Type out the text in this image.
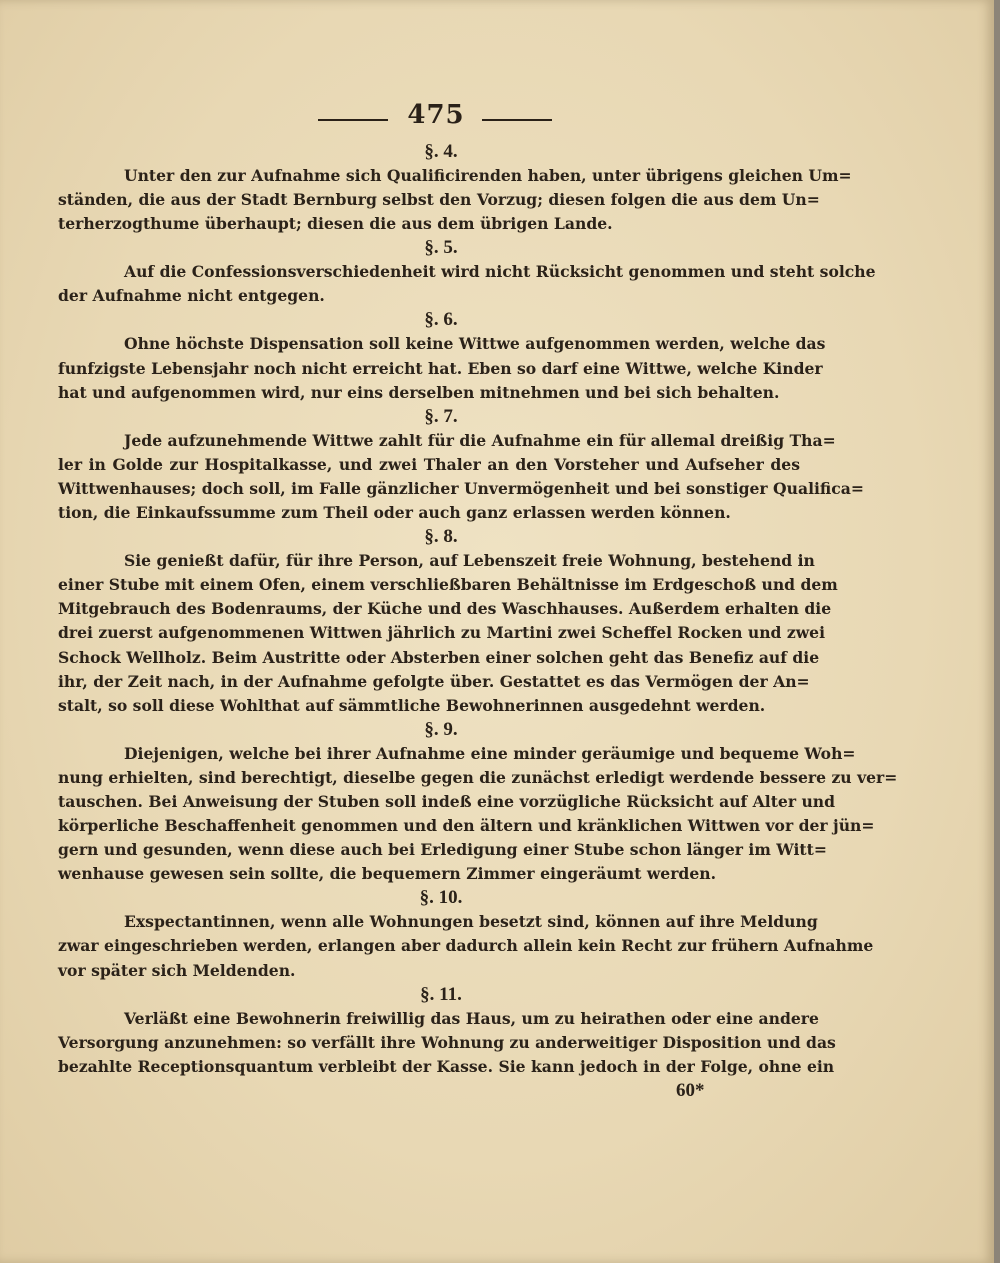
475
§. 4.
Unter den zur Aufnahme sich Qualificirenden haben, unter übrigens gleichen Um=
ständen, die aus der Stadt Bernburg selbst den Vorzug; diesen folgen die aus dem Un=
terherzogthume überhaupt; diesen die aus dem übrigen Lande.
§. 5.
Auf die Confessionsverschiedenheit wird nicht Rücksicht genommen und steht solche
der Aufnahme nicht entgegen.
§. 6.
Ohne höchste Dispensation soll keine Wittwe aufgenommen werden, welche das
funfzigste Lebensjahr noch nicht erreicht hat. Eben so darf eine Wittwe, welche Kinder
hat und aufgenommen wird, nur eins derselben mitnehmen und bei sich behalten.
§. 7.
Jede aufzunehmende Wittwe zahlt für die Aufnahme ein für allemal dreißig Tha=
ler in Golde zur Hospitalkasse, und zwei Thaler an den Vorsteher und Aufseher des
Wittwenhauses; doch soll, im Falle gänzlicher Unvermögenheit und bei sonstiger Qualifica=
tion, die Einkaufssumme zum Theil oder auch ganz erlassen werden können.
§. 8.
Sie genießt dafür, für ihre Person, auf Lebenszeit freie Wohnung, bestehend in
einer Stube mit einem Ofen, einem verschließbaren Behältnisse im Erdgeschoß und dem
Mitgebrauch des Bodenraums, der Küche und des Waschhauses. Außerdem erhalten die
drei zuerst aufgenommenen Wittwen jährlich zu Martini zwei Scheffel Rocken und zwei
Schock Wellholz. Beim Austritte oder Absterben einer solchen geht das Benefiz auf die
ihr, der Zeit nach, in der Aufnahme gefolgte über. Gestattet es das Vermögen der An=
stalt, so soll diese Wohlthat auf sämmtliche Bewohnerinnen ausgedehnt werden.
§. 9.
Diejenigen, welche bei ihrer Aufnahme eine minder geräumige und bequeme Woh=
nung erhielten, sind berechtigt, dieselbe gegen die zunächst erledigt werdende bessere zu ver=
tauschen. Bei Anweisung der Stuben soll indeß eine vorzügliche Rücksicht auf Alter und
körperliche Beschaffenheit genommen und den ältern und kränklichen Wittwen vor der jün=
gern und gesunden, wenn diese auch bei Erledigung einer Stube schon länger im Witt=
wenhause gewesen sein sollte, die bequemern Zimmer eingeräumt werden.
§. 10.
Exspectantinnen, wenn alle Wohnungen besetzt sind, können auf ihre Meldung
zwar eingeschrieben werden, erlangen aber dadurch allein kein Recht zur frühern Aufnahme
vor später sich Meldenden.
§. 11.
Verläßt eine Bewohnerin freiwillig das Haus, um zu heirathen oder eine andere
Versorgung anzunehmen: so verfällt ihre Wohnung zu anderweitiger Disposition und das
bezahlte Receptionsquantum verbleibt der Kasse. Sie kann jedoch in der Folge, ohne ein
60*
